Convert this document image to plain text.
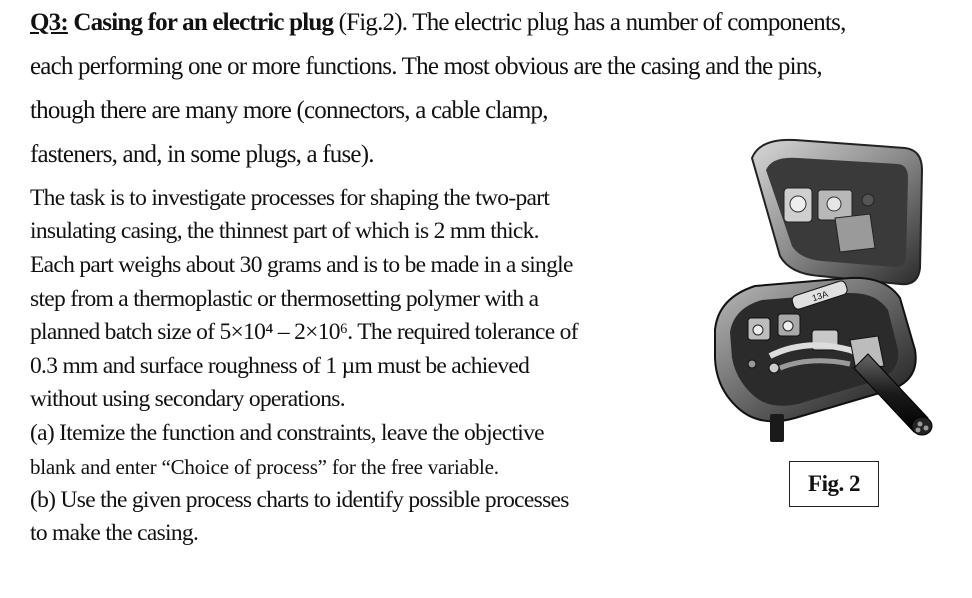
Q3: Casing for an electric plug (Fig.2). The electric plug has a number of components,
each performing one or more functions. The most obvious are the casing and the pins,
though there are many more (connectors, a cable clamp,
fasteners, and, in some plugs, a fuse).
The task is to investigate processes for shaping the two-part
insulating casing, the thinnest part of which is 2 mm thick.
Each part weighs about 30 grams and is to be made in a single
step from a thermoplastic or thermosetting polymer with a
planned batch size of 5×10⁴ – 2×10⁶. The required tolerance of
0.3 mm and surface roughness of 1 µm must be achieved
without using secondary operations.
(a) Itemize the function and constraints, leave the objective
blank and enter “Choice of process” for the free variable.
(b) Use the given process charts to identify possible processes
to make the casing.
13A
Fig. 2
